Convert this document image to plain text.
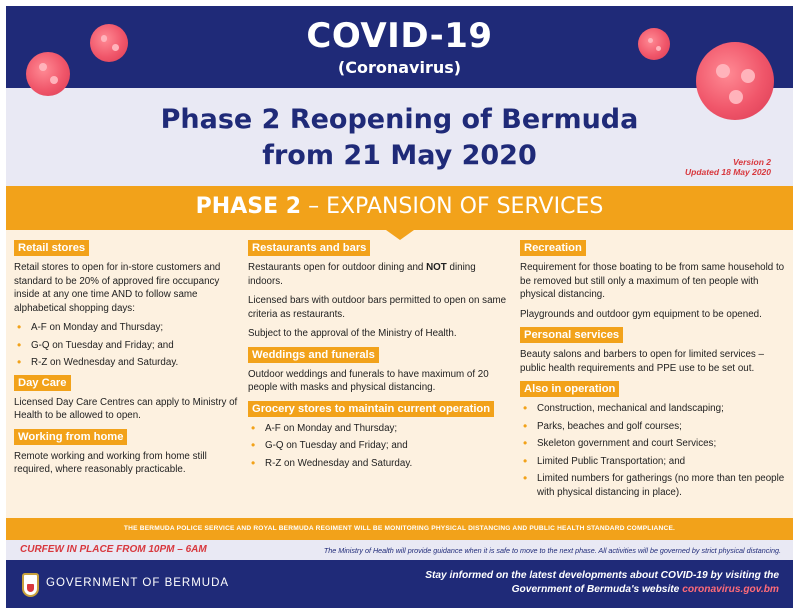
COVID-19
(Coronavirus)
Phase 2 Reopening of Bermuda
from 21 May 2020	Version 2
Updated 18 May 2020
PHASE 2 – EXPANSION OF SERVICES
Retail stores
Retail stores to open for in-store customers and standard to be 20% of approved fire occupancy inside at any one time AND to follow same alphabetical shopping days:
• A-F on Monday and Thursday;
• G-Q on Tuesday and Friday; and
• R-Z on Wednesday and Saturday.
Day Care
Licensed Day Care Centres can apply to Ministry of Health to be allowed to open.
Working from home
Remote working and working from home still required, where reasonably practicable.
Restaurants and bars
Restaurants open for outdoor dining and NOT dining indoors.
Licensed bars with outdoor bars permitted to open on same criteria as restaurants.
Subject to the approval of the Ministry of Health.
Weddings and funerals
Outdoor weddings and funerals to have maximum of 20 people with masks and physical distancing.
Grocery stores to maintain current operation
• A-F on Monday and Thursday;
• G-Q on Tuesday and Friday; and
• R-Z on Wednesday and Saturday.
Recreation
Requirement for those boating to be from same household to be removed but still only a maximum of ten people with physical distancing.
Playgrounds and outdoor gym equipment to be opened.
Personal services
Beauty salons and barbers to open for limited services – public health requirements and PPE use to be set out.
Also in operation
• Construction, mechanical and landscaping;
• Parks, beaches and golf courses;
• Skeleton government and court Services;
• Limited Public Transportation; and
• Limited numbers for gatherings (no more than ten people with physical distancing in place).
THE BERMUDA POLICE SERVICE AND ROYAL BERMUDA REGIMENT WILL BE MONITORING PHYSICAL DISTANCING AND PUBLIC HEALTH STANDARD COMPLIANCE.
CURFEW IN PLACE FROM 10PM – 6AM	The Ministry of Health will provide guidance when it is safe to move to the next phase. All activities will be governed by strict physical distancing.
GOVERNMENT OF BERMUDA
Stay informed on the latest developments about COVID-19 by visiting the
Government of Bermuda's website coronavirus.gov.bm
